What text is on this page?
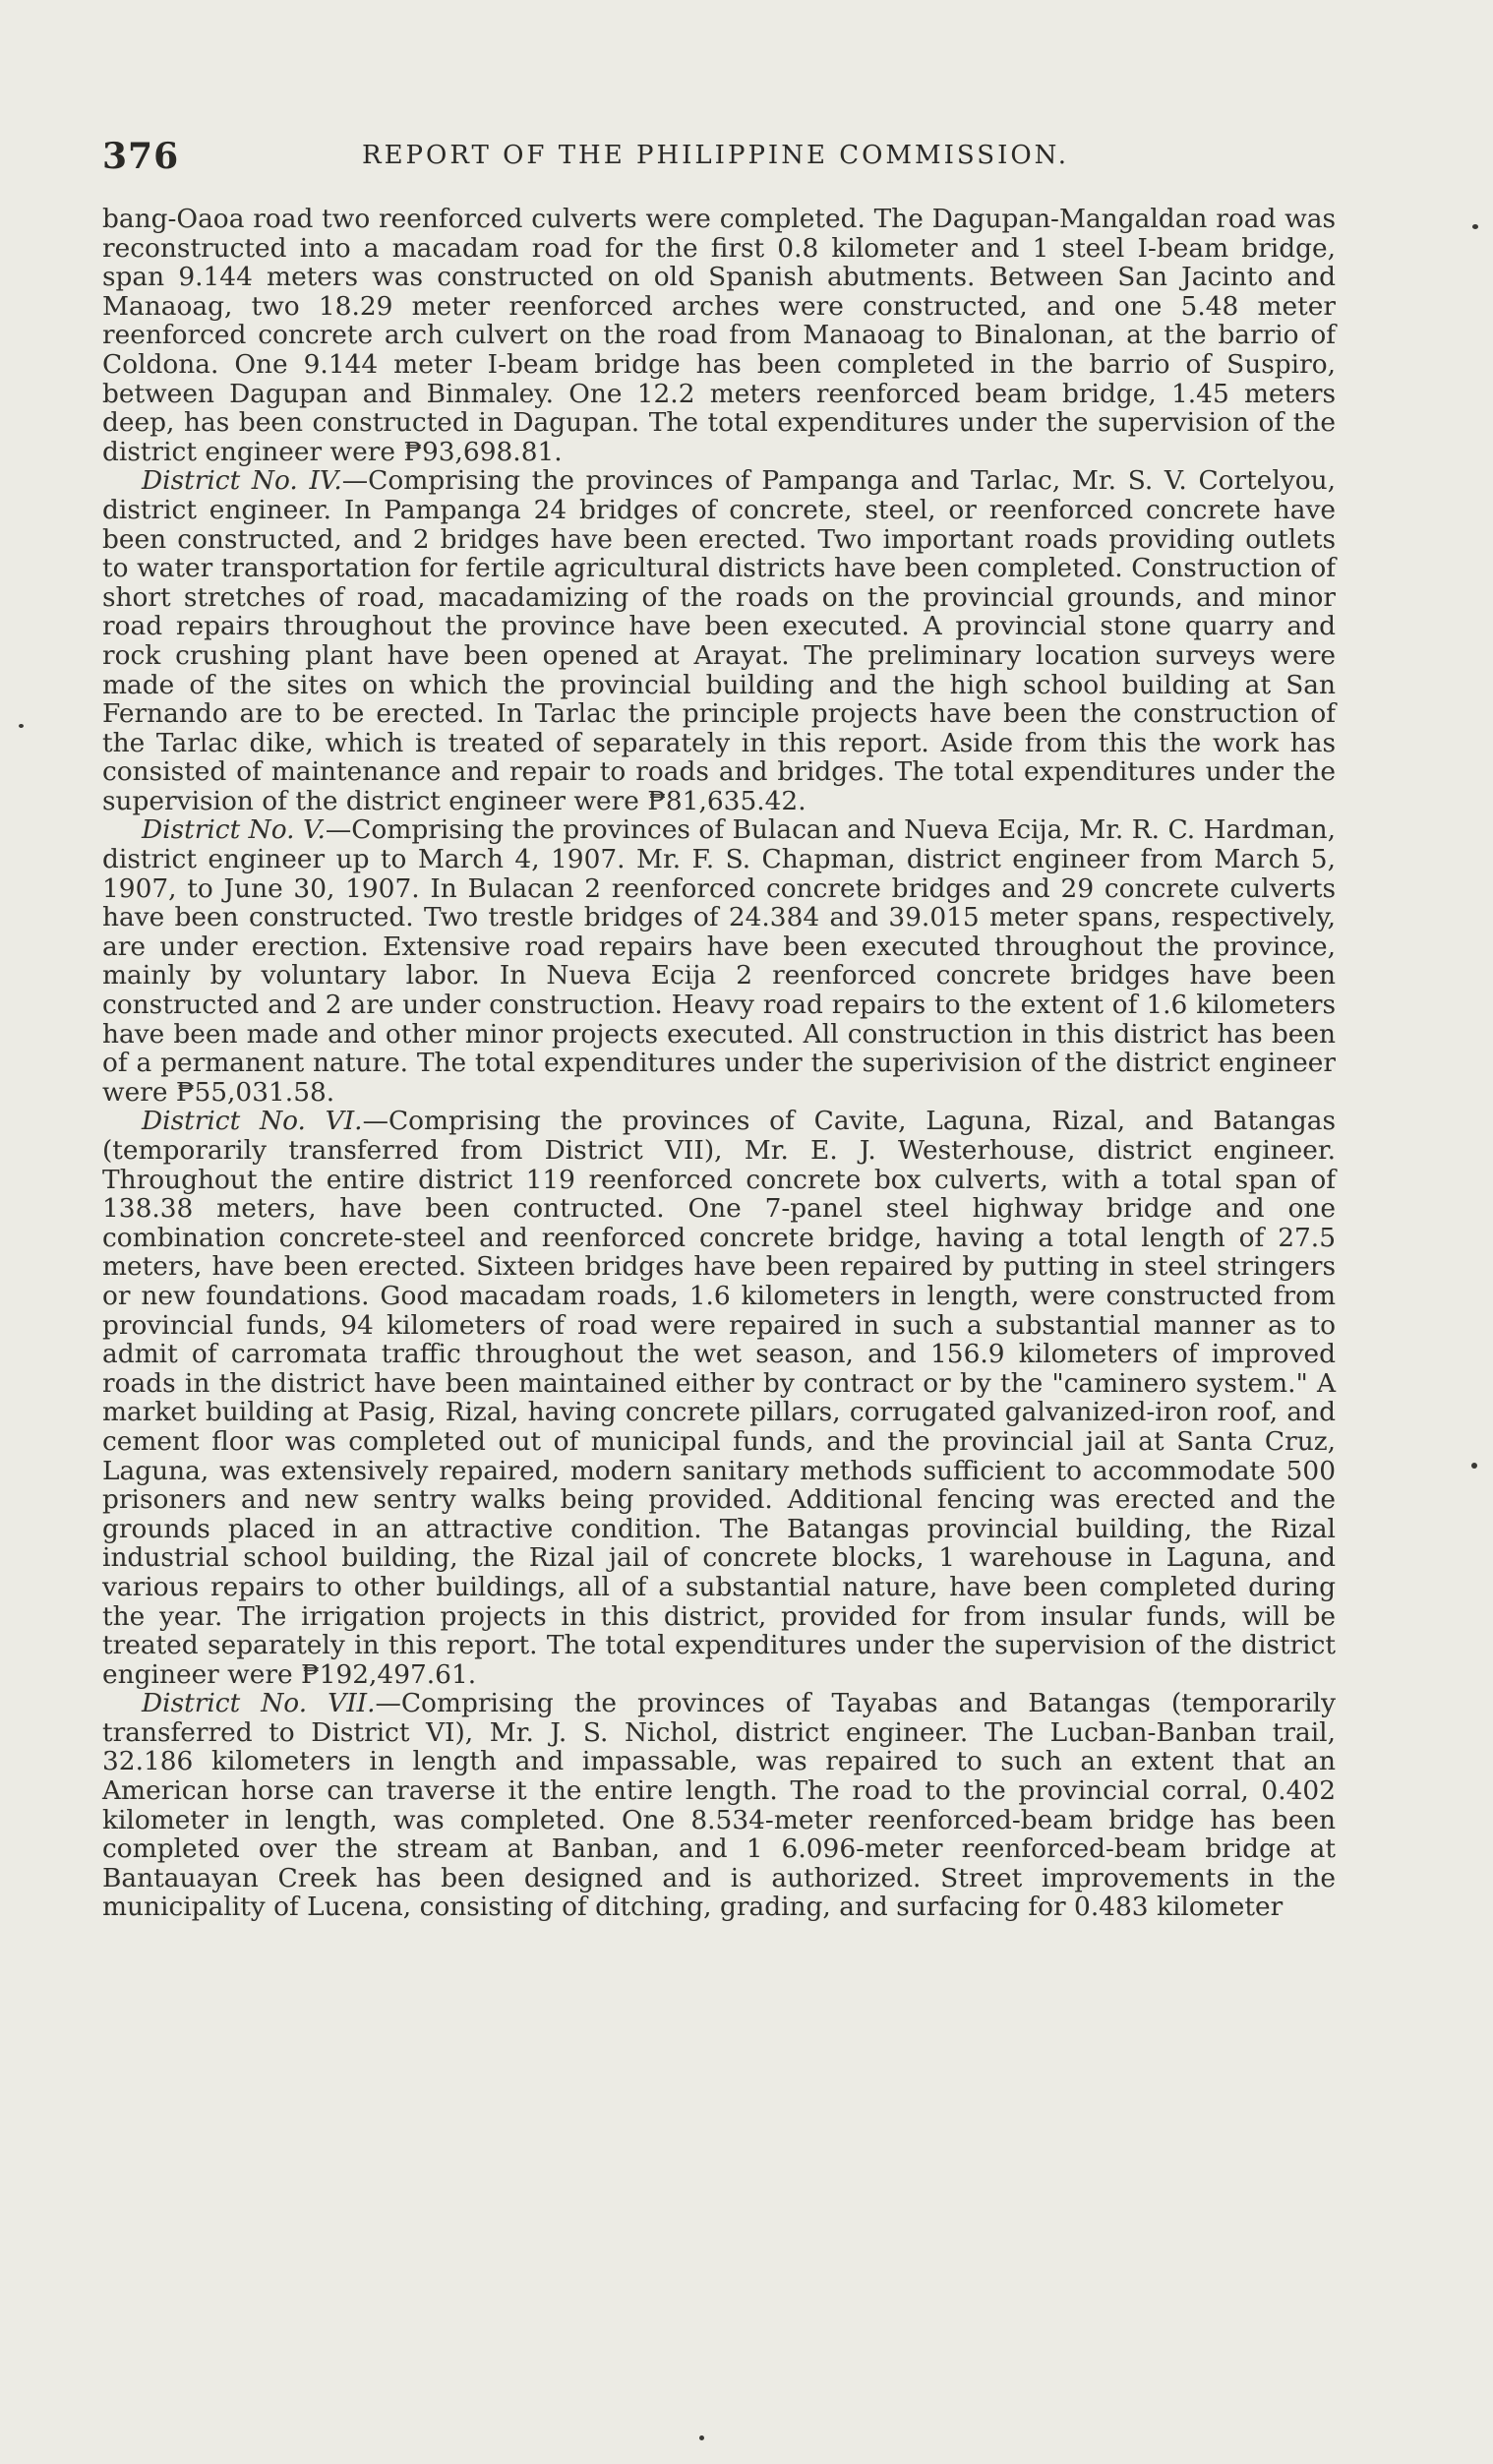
376	REPORT OF THE PHILIPPINE COMMISSION.

bang-Oaoa road two reenforced culverts were completed. The Dagupan-Mangaldan road was reconstructed into a macadam road for the first 0.8 kilometer and 1 steel I-beam bridge, span 9.144 meters was constructed on old Spanish abutments. Between San Jacinto and Manaoag, two 18.29 meter reenforced arches were constructed, and one 5.48 meter reenforced concrete arch culvert on the road from Manaoag to Binalonan, at the barrio of Coldona. One 9.144 meter I-beam bridge has been completed in the barrio of Suspiro, between Dagupan and Binmaley. One 12.2 meters reenforced beam bridge, 1.45 meters deep, has been constructed in Dagupan. The total expenditures under the supervision of the district engineer were ₱93,698.81.

District No. IV.—Comprising the provinces of Pampanga and Tarlac, Mr. S. V. Cortelyou, district engineer. In Pampanga 24 bridges of concrete, steel, or reenforced concrete have been constructed, and 2 bridges have been erected. Two important roads providing outlets to water transportation for fertile agricultural districts have been completed. Construction of short stretches of road, macadamizing of the roads on the provincial grounds, and minor road repairs throughout the province have been executed. A provincial stone quarry and rock crushing plant have been opened at Arayat. The preliminary location surveys were made of the sites on which the provincial building and the high school building at San Fernando are to be erected. In Tarlac the principle projects have been the construction of the Tarlac dike, which is treated of separately in this report. Aside from this the work has consisted of maintenance and repair to roads and bridges. The total expenditures under the supervision of the district engineer were ₱81,635.42.

District No. V.—Comprising the provinces of Bulacan and Nueva Ecija, Mr. R. C. Hardman, district engineer up to March 4, 1907. Mr. F. S. Chapman, district engineer from March 5, 1907, to June 30, 1907. In Bulacan 2 reenforced concrete bridges and 29 concrete culverts have been constructed. Two trestle bridges of 24.384 and 39.015 meter spans, respectively, are under erection. Extensive road repairs have been executed throughout the province, mainly by voluntary labor. In Nueva Ecija 2 reenforced concrete bridges have been constructed and 2 are under construction. Heavy road repairs to the extent of 1.6 kilometers have been made and other minor projects executed. All construction in this district has been of a permanent nature. The total expenditures under the superivision of the district engineer were ₱55,031.58.

District No. VI.—Comprising the provinces of Cavite, Laguna, Rizal, and Batangas (temporarily transferred from District VII), Mr. E. J. Westerhouse, district engineer. Throughout the entire district 119 reenforced concrete box culverts, with a total span of 138.38 meters, have been contructed. One 7-panel steel highway bridge and one combination concrete-steel and reenforced concrete bridge, having a total length of 27.5 meters, have been erected. Sixteen bridges have been repaired by putting in steel stringers or new foundations. Good macadam roads, 1.6 kilometers in length, were constructed from provincial funds, 94 kilometers of road were repaired in such a substantial manner as to admit of carromata traffic throughout the wet season, and 156.9 kilometers of improved roads in the district have been maintained either by contract or by the "caminero system." A market building at Pasig, Rizal, having concrete pillars, corrugated galvanized-iron roof, and cement floor was completed out of municipal funds, and the provincial jail at Santa Cruz, Laguna, was extensively repaired, modern sanitary methods sufficient to accommodate 500 prisoners and new sentry walks being provided. Additional fencing was erected and the grounds placed in an attractive condition. The Batangas provincial building, the Rizal industrial school building, the Rizal jail of concrete blocks, 1 warehouse in Laguna, and various repairs to other buildings, all of a substantial nature, have been completed during the year. The irrigation projects in this district, provided for from insular funds, will be treated separately in this report. The total expenditures under the supervision of the district engineer were ₱192,497.61.

District No. VII.—Comprising the provinces of Tayabas and Batangas (temporarily transferred to District VI), Mr. J. S. Nichol, district engineer. The Lucban-Banban trail, 32.186 kilometers in length and impassable, was repaired to such an extent that an American horse can traverse it the entire length. The road to the provincial corral, 0.402 kilometer in length, was completed. One 8.534-meter reenforced-beam bridge has been completed over the stream at Banban, and 1 6.096-meter reenforced-beam bridge at Bantauayan Creek has been designed and is authorized. Street improvements in the municipality of Lucena, consisting of ditching, grading, and surfacing for 0.483 kilometer
